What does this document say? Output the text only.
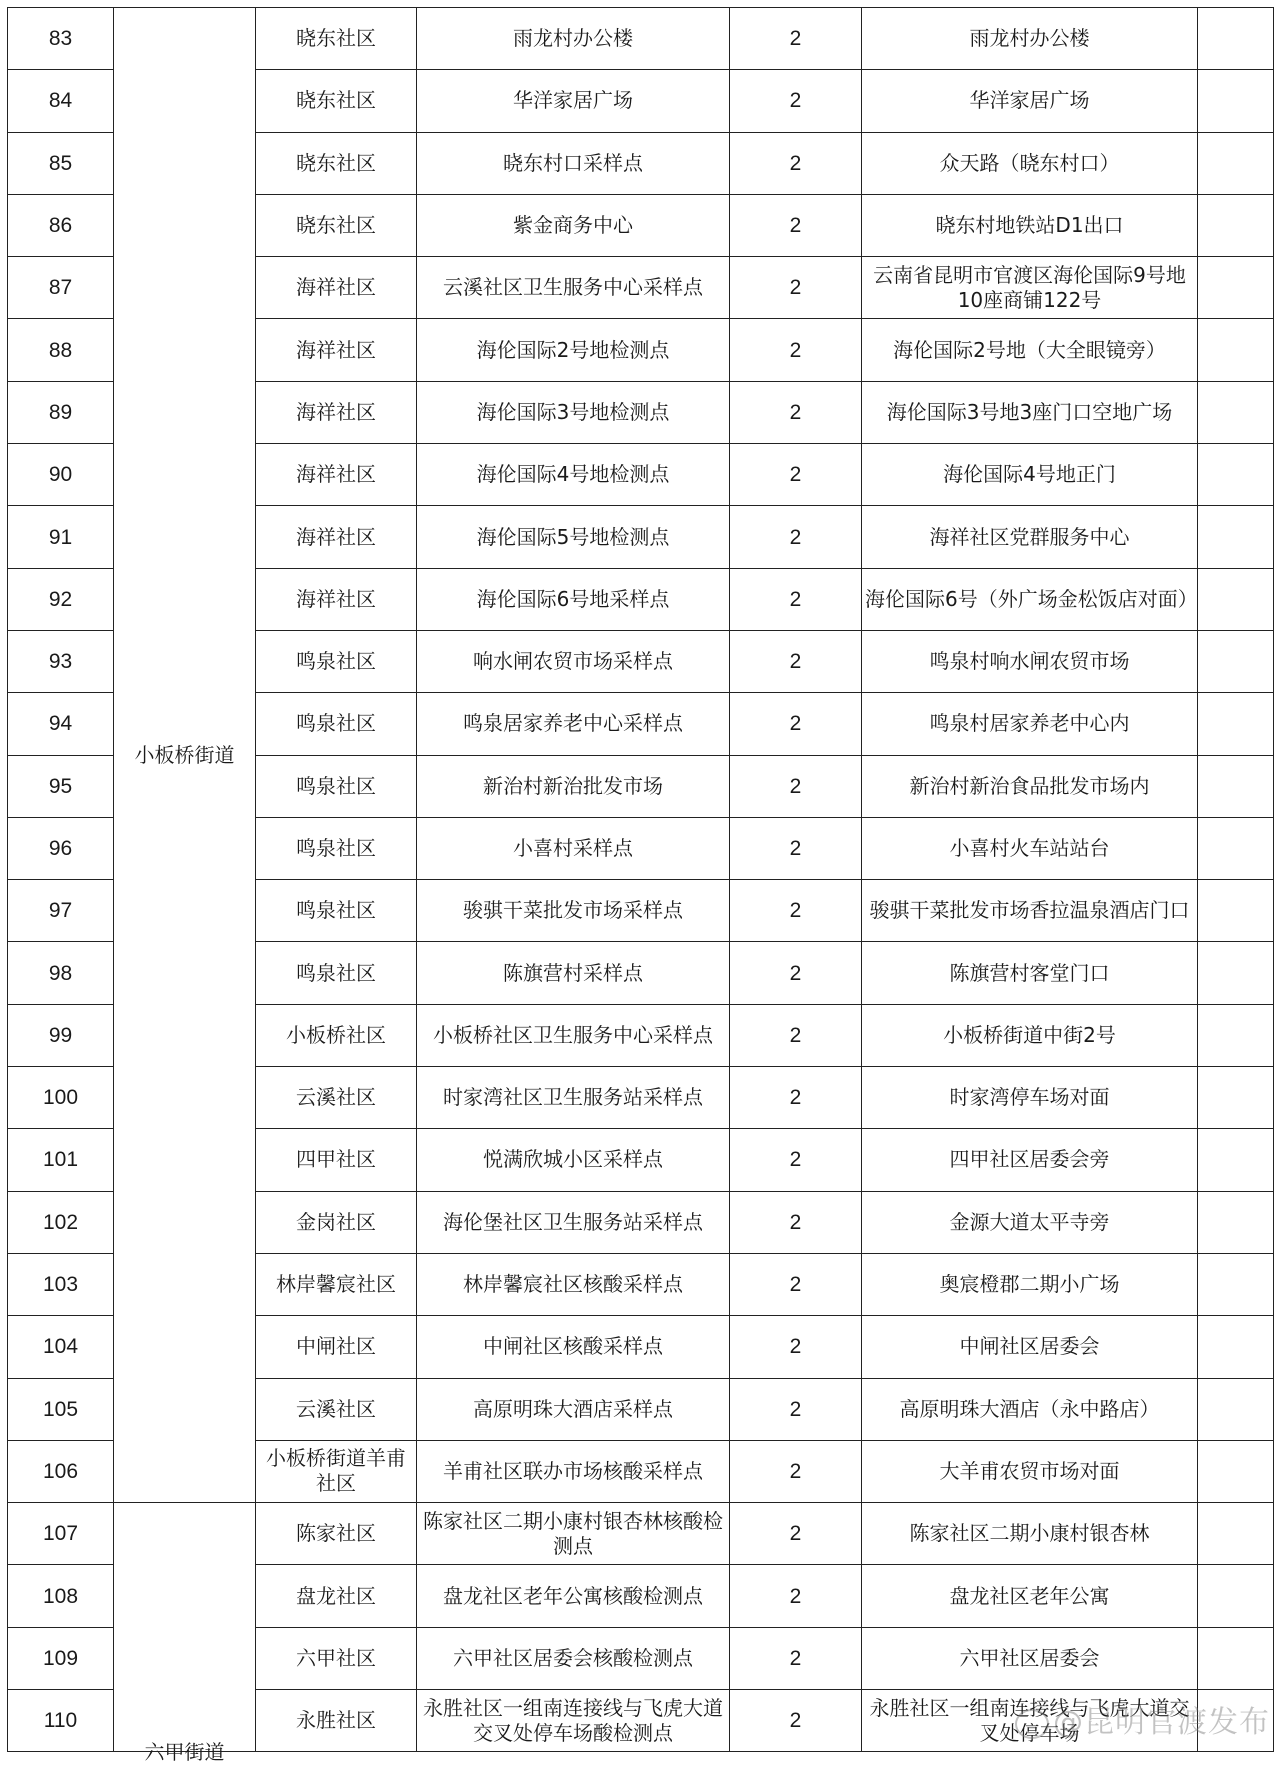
83	小板桥街道	晓东社区	雨龙村办公楼	2	雨龙村办公楼	
84		晓东社区	华洋家居广场	2	华洋家居广场	
85		晓东社区	晓东村口采样点	2	众天路（晓东村口）	
86		晓东社区	紫金商务中心	2	晓东村地铁站D1出口	
87		海祥社区	云溪社区卫生服务中心采样点	2	云南省昆明市官渡区海伦国际9号地10座商铺122号	
88		海祥社区	海伦国际2号地检测点	2	海伦国际2号地（大全眼镜旁）	
89		海祥社区	海伦国际3号地检测点	2	海伦国际3号地3座门口空地广场	
90		海祥社区	海伦国际4号地检测点	2	海伦国际4号地正门	
91		海祥社区	海伦国际5号地检测点	2	海祥社区党群服务中心	
92		海祥社区	海伦国际6号地采样点	2	海伦国际6号（外广场金松饭店对面）	
93		鸣泉社区	响水闸农贸市场采样点	2	鸣泉村响水闸农贸市场	
94		鸣泉社区	鸣泉居家养老中心采样点	2	鸣泉村居家养老中心内	
95		鸣泉社区	新治村新治批发市场	2	新治村新治食品批发市场内	
96		鸣泉社区	小喜村采样点	2	小喜村火车站站台	
97		鸣泉社区	骏骐干菜批发市场采样点	2	骏骐干菜批发市场香拉温泉酒店门口	
98		鸣泉社区	陈旗营村采样点	2	陈旗营村客堂门口	
99		小板桥社区	小板桥社区卫生服务中心采样点	2	小板桥街道中街2号	
100		云溪社区	时家湾社区卫生服务站采样点	2	时家湾停车场对面	
101		四甲社区	悦满欣城小区采样点	2	四甲社区居委会旁	
102		金岗社区	海伦堡社区卫生服务站采样点	2	金源大道太平寺旁	
103		林岸馨宸社区	林岸馨宸社区核酸采样点	2	奥宸橙郡二期小广场	
104		中闸社区	中闸社区核酸采样点	2	中闸社区居委会	
105		云溪社区	高原明珠大酒店采样点	2	高原明珠大酒店（永中路店）	
106		小板桥街道羊甫社区	羊甫社区联办市场核酸采样点	2	大羊甫农贸市场对面	
107	六甲街道	陈家社区	陈家社区二期小康村银杏林核酸检测点	2	陈家社区二期小康村银杏林	
108		盘龙社区	盘龙社区老年公寓核酸检测点	2	盘龙社区老年公寓	
109		六甲社区	六甲社区居委会核酸检测点	2	六甲社区居委会	
110		永胜社区	永胜社区一组南连接线与飞虎大道交叉处停车场酸检测点	2	永胜社区一组南连接线与飞虎大道交叉处停车场	
@昆明官渡发布
